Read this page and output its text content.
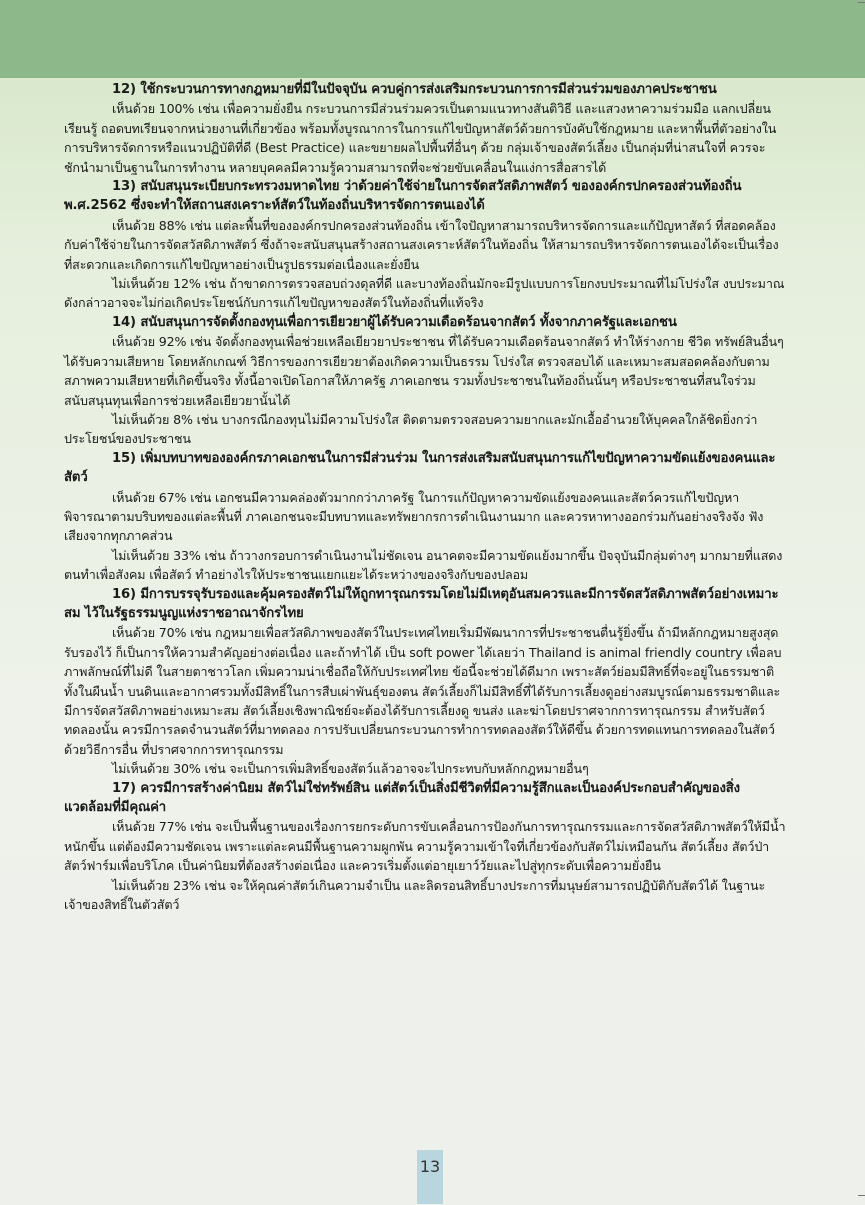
12) ใช้กระบวนการทางกฎหมายที่มีในปัจจุบัน ควบคู่การส่งเสริมกระบวนการการมีส่วนร่วมของภาคประชาชน

เห็นด้วย 100% เช่น เพื่อความยั่งยืน กระบวนการมีส่วนร่วมควรเป็นตามแนวทางสันติวิธี และแสวงหาความร่วมมือ แลกเปลี่ยนเรียนรู้ ถอดบทเรียนจากหน่วยงานที่เกี่ยวข้อง พร้อมทั้งบูรณาการในการแก้ไขปัญหาสัตว์ด้วยการบังคับใช้กฎหมาย และหาพื้นที่ตัวอย่างในการบริหารจัดการหรือแนวปฏิบัติที่ดี (Best Practice) และขยายผลไปพื้นที่อื่นๆ ด้วย กลุ่มเจ้าของสัตว์เลี้ยง เป็นกลุ่มที่น่าสนใจที่ ควรจะชักนำมาเป็นฐานในการทำงาน หลายบุคคลมีความรู้ความสามารถที่จะช่วยขับเคลื่อนในแง่การสื่อสารได้

13) สนับสนุนระเบียบกระทรวงมหาดไทย ว่าด้วยค่าใช้จ่ายในการจัดสวัสดิภาพสัตว์ ขององค์กรปกครองส่วนท้องถิ่น พ.ศ.2562 ซึ่งจะทำให้สถานสงเคราะห์สัตว์ในท้องถิ่นบริหารจัดการตนเองได้

เห็นด้วย 88% เช่น แต่ละพื้นที่ขององค์กรปกครองส่วนท้องถิ่น เข้าใจปัญหาสามารถบริหารจัดการและแก้ปัญหาสัตว์ ที่สอดคล้องกับค่าใช้จ่ายในการจัดสวัสดิภาพสัตว์ ซึ่งถ้าจะสนับสนุนสร้างสถานสงเคราะห์สัตว์ในท้องถิ่น ให้สามารถบริหารจัดการตนเองได้จะเป็นเรื่องที่สะดวกและเกิดการแก้ไขปัญหาอย่างเป็นรูปธรรมต่อเนื่องและยั่งยืน

ไม่เห็นด้วย 12% เช่น ถ้าขาดการตรวจสอบถ่วงดุลที่ดี และบางท้องถิ่นมักจะมีรูปแบบการโยกงบประมาณที่ไม่โปร่งใส งบประมาณดังกล่าวอาจจะไม่ก่อเกิดประโยชน์กับการแก้ไขปัญหาของสัตว์ในท้องถิ่นที่แท้จริง

14) สนับสนุนการจัดตั้งกองทุนเพื่อการเยียวยาผู้ได้รับความเดือดร้อนจากสัตว์ ทั้งจากภาครัฐและเอกชน

เห็นด้วย 92% เช่น จัดตั้งกองทุนเพื่อช่วยเหลือเยียวยาประชาชน ที่ได้รับความเดือดร้อนจากสัตว์ ทำให้ร่างกาย ชีวิต ทรัพย์สินอื่นๆ ได้รับความเสียหาย โดยหลักเกณฑ์ วิธีการของการเยียวยาต้องเกิดความเป็นธรรม โปร่งใส ตรวจสอบได้ และเหมาะสมสอดคล้องกับตามสภาพความเสียหายที่เกิดขึ้นจริง ทั้งนี้อาจเปิดโอกาสให้ภาครัฐ ภาคเอกชน รวมทั้งประชาชนในท้องถิ่นนั้นๆ หรือประชาชนที่สนใจร่วมสนับสนุนทุนเพื่อการช่วยเหลือเยียวยานั้นได้

ไม่เห็นด้วย 8% เช่น บางกรณีกองทุนไม่มีความโปร่งใส ติดตามตรวจสอบความยากและมักเอื้ออำนวยให้บุคคลใกล้ชิดยิ่งกว่าประโยชน์ของประชาชน

15) เพิ่มบทบาทขององค์กรภาคเอกชนในการมีส่วนร่วม ในการส่งเสริมสนับสนุนการแก้ไขปัญหาความขัดแย้งของคนและสัตว์

เห็นด้วย 67% เช่น เอกชนมีความคล่องตัวมากกว่าภาครัฐ ในการแก้ปัญหาความขัดแย้งของคนและสัตว์ควรแก้ไขปัญหาพิจารณาตามบริบทของแต่ละพื้นที่ ภาคเอกชนจะมีบทบาทและทรัพยากรการดำเนินงานมาก และควรหาทางออกร่วมกันอย่างจริงจัง ฟังเสียงจากทุกภาคส่วน

ไม่เห็นด้วย 33% เช่น ถ้าวางกรอบการดำเนินงานไม่ชัดเจน อนาคตจะมีความขัดแย้งมากขึ้น ปัจจุบันมีกลุ่มต่างๆ มากมายที่แสดงตนทำเพื่อสังคม เพื่อสัตว์ ทำอย่างไรให้ประชาชนแยกแยะได้ระหว่างของจริงกับของปลอม

16) มีการบรรจุรับรองและคุ้มครองสัตว์ไม่ให้ถูกทารุณกรรมโดยไม่มีเหตุอันสมควรและมีการจัดสวัสดิภาพสัตว์อย่างเหมาะสม ไว้ในรัฐธรรมนูญแห่งราชอาณาจักรไทย

เห็นด้วย 70% เช่น กฎหมายเพื่อสวัสดิภาพของสัตว์ในประเทศไทยเริ่มมีพัฒนาการที่ประชาชนตื่นรู้ยิ่งขึ้น ถ้ามีหลักกฎหมายสูงสุดรับรองไว้ ก็เป็นการให้ความสำคัญอย่างต่อเนื่อง และถ้าทำได้ เป็น soft power ได้เลยว่า Thailand is animal friendly country เพื่อลบภาพลักษณ์ที่ไม่ดี ในสายตาชาวโลก เพิ่มความน่าเชื่อถือให้กับประเทศไทย ข้อนี้จะช่วยได้ดีมาก เพราะสัตว์ย่อมมีสิทธิ์ที่จะอยู่ในธรรมชาติ ทั้งในผืนน้ำ บนดินและอากาศรวมทั้งมีสิทธิ์ในการสืบเผ่าพันธุ์ของตน สัตว์เลี้ยงก็ไม่มีสิทธิ์ที่ได้รับการเลี้ยงดูอย่างสมบูรณ์ตามธรรมชาติและมีการจัดสวัสดิภาพอย่างเหมาะสม สัตว์เลี้ยงเชิงพาณิชย์จะต้องได้รับการเลี้ยงดู ขนส่ง และฆ่าโดยปราศจากการทารุณกรรม สำหรับสัตว์ทดลองนั้น ควรมีการลดจำนวนสัตว์ที่มาทดลอง การปรับเปลี่ยนกระบวนการทำการทดลองสัตว์ให้ดีขึ้น ด้วยการทดแทนการทดลองในสัตว์ด้วยวิธีการอื่น ที่ปราศจากการทารุณกรรม

ไม่เห็นด้วย 30% เช่น จะเป็นการเพิ่มสิทธิ์ของสัตว์แล้วอาจจะไปกระทบกับหลักกฎหมายอื่นๆ

17) ควรมีการสร้างค่านิยม สัตว์ไม่ใช่ทรัพย์สิน แต่สัตว์เป็นสิ่งมีชีวิตที่มีความรู้สึกและเป็นองค์ประกอบสำคัญของสิ่งแวดล้อมที่มีคุณค่า

เห็นด้วย 77% เช่น จะเป็นพื้นฐานของเรื่องการยกระดับการขับเคลื่อนการป้องกันการทารุณกรรมและการจัดสวัสดิภาพสัตว์ให้มีน้ำหนักขึ้น แต่ต้องมีความชัดเจน เพราะแต่ละคนมีพื้นฐานความผูกพัน ความรู้ความเข้าใจที่เกี่ยวข้องกับสัตว์ไม่เหมือนกัน สัตว์เลี้ยง สัตว์ป่า สัตว์ฟาร์มเพื่อบริโภค เป็นค่านิยมที่ต้องสร้างต่อเนื่อง และควรเริ่มตั้งแต่อายุเยาว์วัยและไปสู่ทุกระดับเพื่อความยั่งยืน

ไม่เห็นด้วย 23% เช่น จะให้คุณค่าสัตว์เกินความจำเป็น และลิดรอนสิทธิ์บางประการที่มนุษย์สามารถปฏิบัติกับสัตว์ได้ ในฐานะเจ้าของสิทธิ์ในตัวสัตว์

13
